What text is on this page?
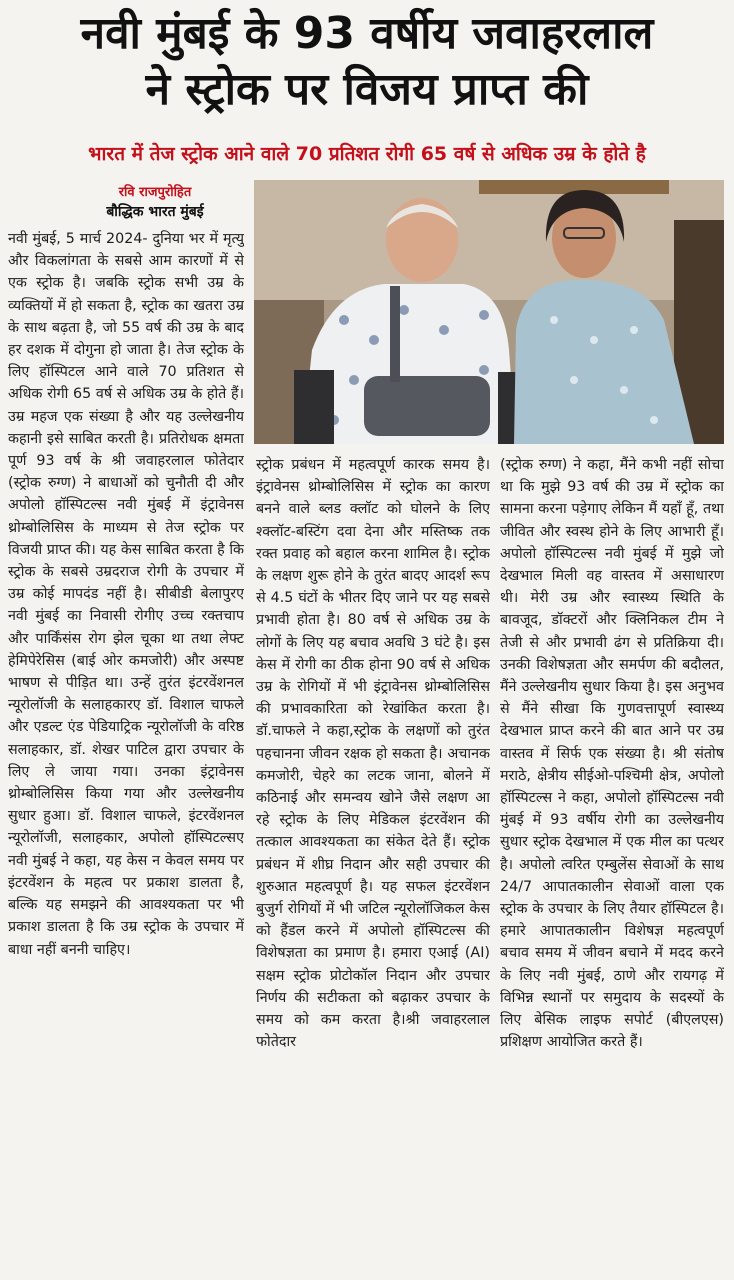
नवी मुंबई के 93 वर्षीय जवाहरलाल
ने स्ट्रोक पर विजय प्राप्त की
भारत में तेज स्ट्रोक आने वाले 70 प्रतिशत रोगी 65 वर्ष से अधिक उम्र के होते है
रवि राजपुरोहित
बौद्धिक भारत मुंबई

नवी मुंबई, 5 मार्च 2024- दुनिया भर में मृत्यु और विकलांगता के सबसे आम कारणों में से एक स्ट्रोक है। जबकि स्ट्रोक सभी उम्र के व्यक्तियों में हो सकता है, स्ट्रोक का खतरा उम्र के साथ बढ़ता है, जो 55 वर्ष की उम्र के बाद हर दशक में दोगुना हो जाता है। तेज स्ट्रोक के लिए हॉस्पिटल आने वाले 70 प्रतिशत से अधिक रोगी 65 वर्ष से अधिक उम्र के होते हैं। उम्र महज एक संख्या है और यह उल्लेखनीय कहानी इसे साबित करती है। प्रतिरोधक क्षमता पूर्ण 93 वर्ष के श्री जवाहरलाल फोतेदार (स्ट्रोक रुग्ण) ने बाधाओं को चुनौती दी और अपोलो हॉस्पिटल्स नवी मुंबई में इंट्रावेनस थ्रोम्बोलिसिस के माध्यम से तेज स्ट्रोक पर विजयी प्राप्त की। यह केस साबित करता है कि स्ट्रोक के सबसे उम्रदराज रोगी के उपचार में उम्र कोई मापदंड नहीं है। सीबीडी बेलापुरए नवी मुंबई का निवासी रोगीए उच्च रक्तचाप और पार्किंसंस रोग झेल चूका था तथा लेफ्ट हेमिपेरेसिस (बाई ओर कमजोरी) और अस्पष्ट भाषण से पीड़ित था। उन्हें तुरंत इंटरवेंशनल न्यूरोलॉजी के सलाहकारए डॉ. विशाल चाफले और एडल्ट एंड पेडियाट्रिक न्यूरोलॉजी के वरिष्ठ सलाहकार, डॉ. शेखर पाटिल द्वारा उपचार के लिए ले जाया गया। उनका इंट्रावेनस थ्रोम्बोलिसिस किया गया और उल्लेखनीय सुधार हुआ। डॉ. विशाल चाफले, इंटरवेंशनल न्यूरोलॉजी, सलाहकार, अपोलो हॉस्पिटल्सए नवी मुंबई ने कहा, यह केस न केवल समय पर इंटरवेंशन के महत्व पर प्रकाश डालता है, बल्कि यह समझने की आवश्यकता पर भी प्रकाश डालता है कि उम्र स्ट्रोक के उपचार में बाधा नहीं बननी चाहिए।

स्ट्रोक प्रबंधन में महत्वपूर्ण कारक समय है। इंट्रावेनस थ्रोम्बोलिसिस में स्ट्रोक का कारण बनने वाले ब्लड क्लॉट को घोलने के लिए श्क्लॉट-बस्टिंग दवा देना और मस्तिष्क तक रक्त प्रवाह को बहाल करना शामिल है। स्ट्रोक के लक्षण शुरू होने के तुरंत बादए आदर्श रूप से 4.5 घंटों के भीतर दिए जाने पर यह सबसे प्रभावी होता है। 80 वर्ष से अधिक उम्र के लोगों के लिए यह बचाव अवधि 3 घंटे है। इस केस में रोगी का ठीक होना 90 वर्ष से अधिक उम्र के रोगियों में भी इंट्रावेनस थ्रोम्बोलिसिस की प्रभावकारिता को रेखांकित करता है। डॉ.चाफले ने कहा,स्ट्रोक के लक्षणों को तुरंत पहचानना जीवन रक्षक हो सकता है। अचानक कमजोरी, चेहरे का लटक जाना, बोलने में कठिनाई और समन्वय खोने जैसे लक्षण आ रहे स्ट्रोक के लिए मेडिकल इंटरवेंशन की तत्काल आवश्यकता का संकेत देते हैं। स्ट्रोक प्रबंधन में शीघ्र निदान और सही उपचार की शुरुआत महत्वपूर्ण है। यह सफल इंटरवेंशन बुजुर्ग रोगियों में भी जटिल न्यूरोलॉजिकल केस को हैंडल करने में अपोलो हॉस्पिटल्स की विशेषज्ञता का प्रमाण है। हमारा एआई (AI) सक्षम स्ट्रोक प्रोटोकॉल निदान और उपचार निर्णय की सटीकता को बढ़ाकर उपचार के समय को कम करता है।श्री जवाहरलाल फोतेदार

(स्ट्रोक रुग्ण) ने कहा, मैंने कभी नहीं सोचा था कि मुझे 93 वर्ष की उम्र में स्ट्रोक का सामना करना पड़ेगाए लेकिन मैं यहाँ हूँ, तथा जीवित और स्वस्थ होने के लिए आभारी हूँ। अपोलो हॉस्पिटल्स नवी मुंबई में मुझे जो देखभाल मिली वह वास्तव में असाधारण थी। मेरी उम्र और स्वास्थ्य स्थिति के बावजूद, डॉक्टरों और क्लिनिकल टीम ने तेजी से और प्रभावी ढंग से प्रतिक्रिया दी। उनकी विशेषज्ञता और समर्पण की बदौलत, मैंने उल्लेखनीय सुधार किया है। इस अनुभव से मैंने सीखा कि गुणवत्तापूर्ण स्वास्थ्य देखभाल प्राप्त करने की बात आने पर उम्र वास्तव में सिर्फ एक संख्या है। श्री संतोष मराठे, क्षेत्रीय सीईओ-पश्चिमी क्षेत्र, अपोलो हॉस्पिटल्स ने कहा, अपोलो हॉस्पिटल्स नवी मुंबई में 93 वर्षीय रोगी का उल्लेखनीय सुधार स्ट्रोक देखभाल में एक मील का पत्थर है। अपोलो त्वरित एम्बुलेंस सेवाओं के साथ 24/7 आपातकालीन सेवाओं वाला एक स्ट्रोक के उपचार के लिए तैयार हॉस्पिटल है। हमारे आपातकालीन विशेषज्ञ महत्वपूर्ण बचाव समय में जीवन बचाने में मदद करने के लिए नवी मुंबई, ठाणे और रायगढ़ में विभिन्न स्थानों पर समुदाय के सदस्यों के लिए बेसिक लाइफ सपोर्ट (बीएलएस) प्रशिक्षण आयोजित करते हैं।
